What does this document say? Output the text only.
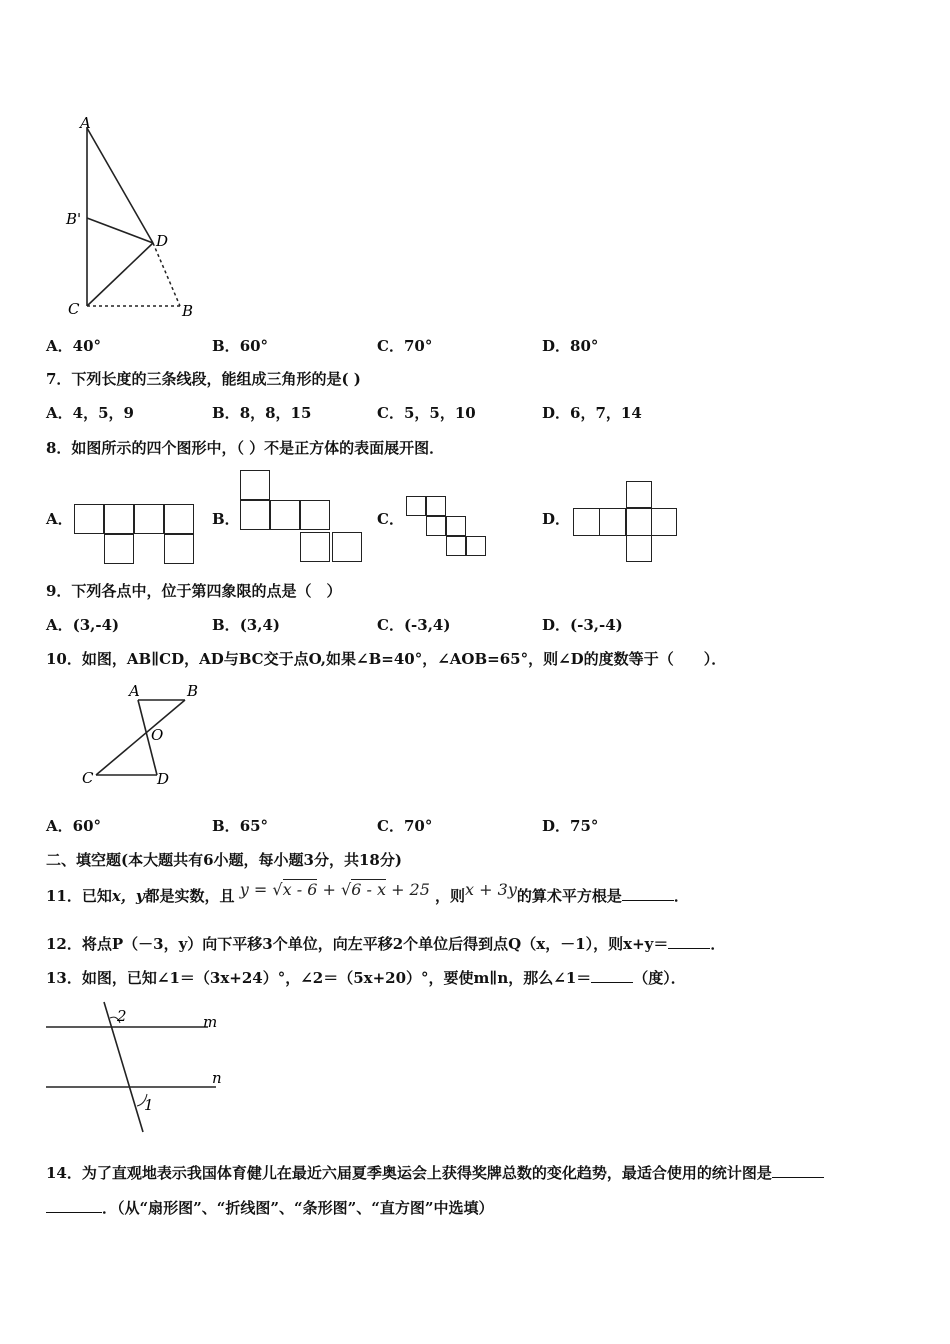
A
B'
D
C	B
A．40°	B．60°	C．70°	D．80°
7．下列长度的三条线段，能组成三角形的是( )
A．4，5，9	B．8，8，15	C．5，5，10	D．6，7，14
8．如图所示的四个图形中，（ ）不是正方体的表面展开图．
A．	B．	C．	D．
9．下列各点中，位于第四象限的点是（　）
A．(3,-4)	B．(3,4)	C．(-3,4)	D．(-3,-4)
10．如图，AB∥CD，AD与BC交于点O,如果∠B=40°，∠AOB=65°，则∠D的度数等于（　　）．
A	B
O
C	D
A．60°	B．65°	C．70°	D．75°
二、填空题(本大题共有6小题，每小题3分，共18分)
11．已知x，y都是实数，且 y = √x - 6 + √6 - x + 25 ，则x + 3y的算术平方根是	．
12．将点P（－3，y）向下平移3个单位，向左平移2个单位后得到点Q（x，－1），则x+y＝	．
13．如图，已知∠1＝（3x+24）°，∠2＝（5x+20）°，要使m∥n，那么∠1＝	（度）．
2
1
m
n
14．为了直观地表示我国体育健儿在最近六届夏季奥运会上获得奖牌总数的变化趋势，最适合使用的统计图是
．（从“扇形图”、“折线图”、“条形图”、“直方图”中选填）
